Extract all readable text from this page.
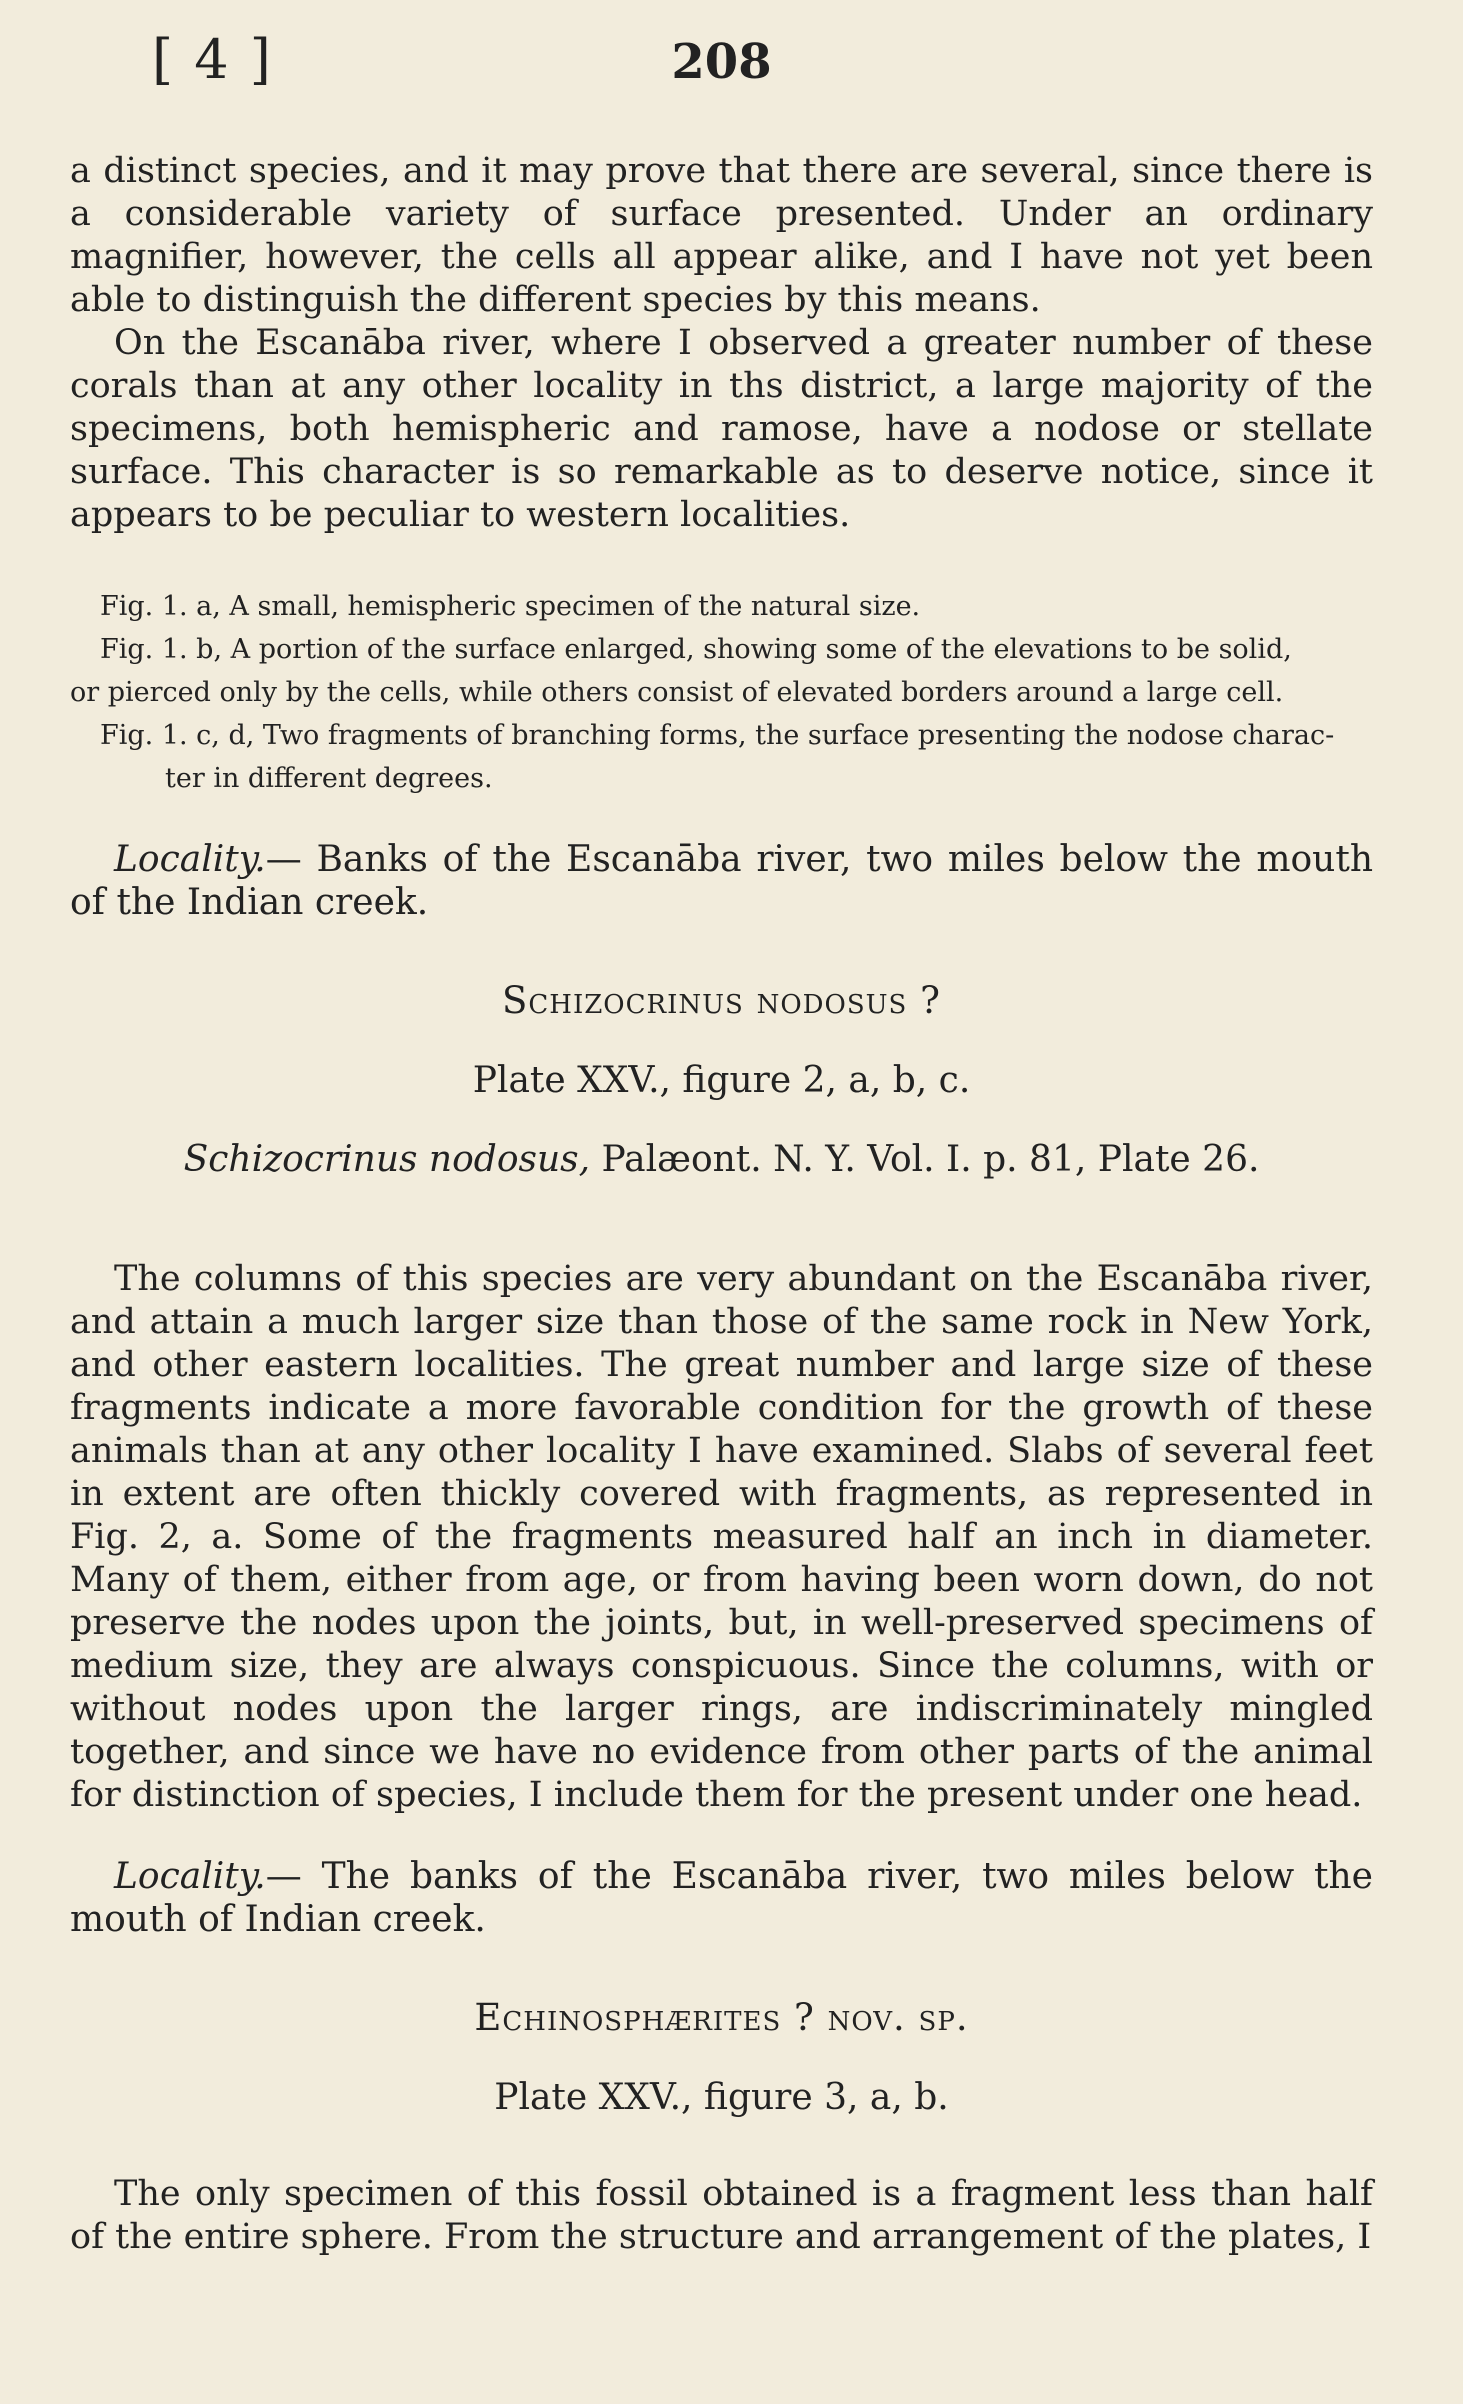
[ 4 ]	208

a distinct species, and it may prove that there are several, since there is a considerable variety of surface presented. Under an ordinary magnifier, however, the cells all appear alike, and I have not yet been able to distinguish the different species by this means.

On the Escanāba river, where I observed a greater number of these corals than at any other locality in ths district, a large majority of the specimens, both hemispheric and ramose, have a nodose or stellate surface. This character is so remarkable as to deserve notice, since it appears to be peculiar to western localities.

Fig. 1. a, A small, hemispheric specimen of the natural size.
Fig. 1. b, A portion of the surface enlarged, showing some of the elevations to be solid,
or pierced only by the cells, while others consist of elevated borders around a large cell.
Fig. 1. c, d, Two fragments of branching forms, the surface presenting the nodose charac-
ter in different degrees.

Locality.— Banks of the Escanāba river, two miles below the mouth of the Indian creek.

Schizocrinus nodosus ?

Plate XXV., figure 2, a, b, c.

Schizocrinus nodosus, Palæont. N. Y. Vol. I. p. 81, Plate 26.

The columns of this species are very abundant on the Escanāba river, and attain a much larger size than those of the same rock in New York, and other eastern localities. The great number and large size of these fragments indicate a more favorable condition for the growth of these animals than at any other locality I have examined. Slabs of several feet in extent are often thickly covered with fragments, as represented in Fig. 2, a. Some of the fragments measured half an inch in diameter. Many of them, either from age, or from having been worn down, do not preserve the nodes upon the joints, but, in well-preserved specimens of medium size, they are always conspicuous. Since the columns, with or without nodes upon the larger rings, are indiscriminately mingled together, and since we have no evidence from other parts of the animal for distinction of species, I include them for the present under one head.

Locality.— The banks of the Escanāba river, two miles below the mouth of Indian creek.

Echinosphærites ? nov. sp.

Plate XXV., figure 3, a, b.

The only specimen of this fossil obtained is a fragment less than half of the entire sphere. From the structure and arrangement of the plates, I
